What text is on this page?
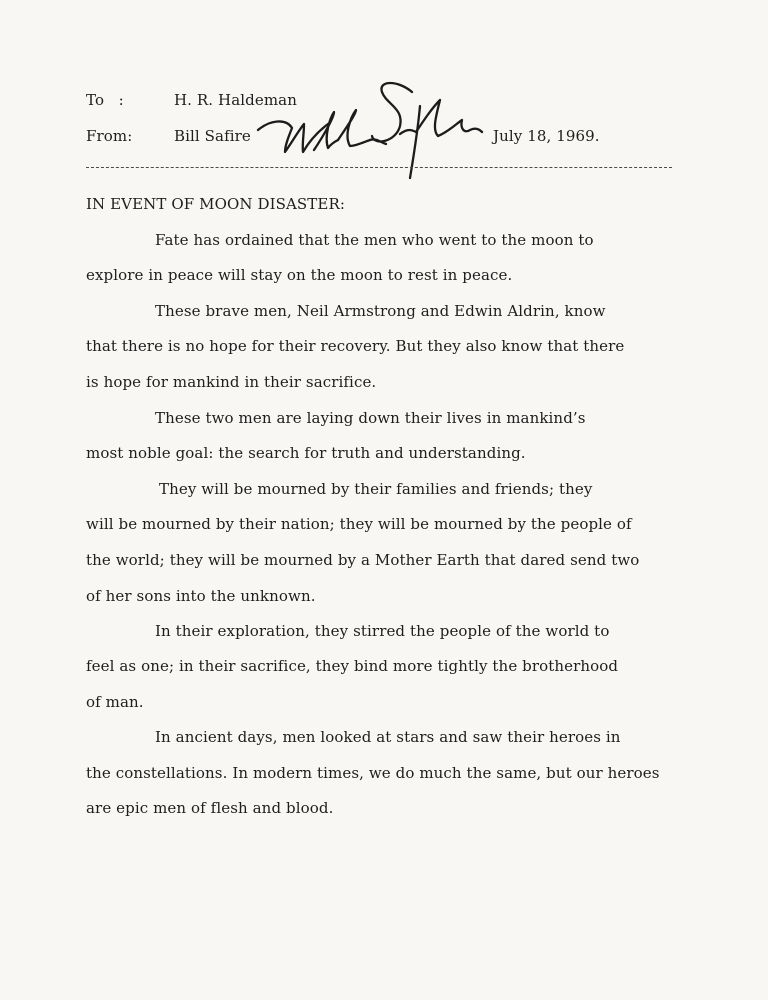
To   :	H. R. Haldeman
From:	Bill Safire	July 18, 1969.
IN EVENT OF MOON DISASTER:
Fate has ordained that the men who went to the moon to
explore in peace will stay on the moon to rest in peace.
These brave men, Neil Armstrong and Edwin Aldrin, know
that there is no hope for their recovery. But they also know that there
is hope for mankind in their sacrifice.
These two men are laying down their lives in mankind’s
most noble goal: the search for truth and understanding.
They will be mourned by their families and friends; they
will be mourned by their nation; they will be mourned by the people of
the world; they will be mourned by a Mother Earth that dared send two
of her sons into the unknown.
In their exploration, they stirred the people of the world to
feel as one; in their sacrifice, they bind more tightly the brotherhood
of man.
In ancient days, men looked at stars and saw their heroes in
the constellations. In modern times, we do much the same, but our heroes
are epic men of flesh and blood.
